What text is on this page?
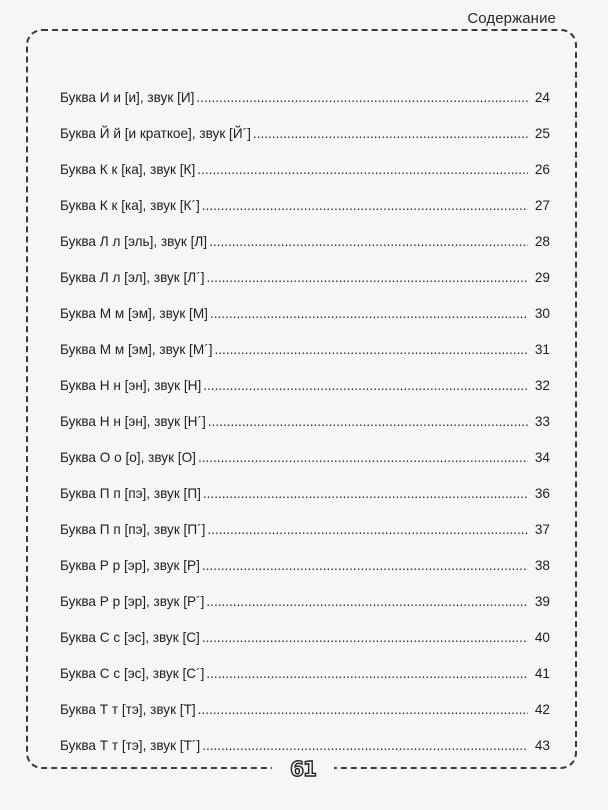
Содержание
Буква И и [и], звук [И] .....	24
Буква Й й [и краткое], звук [Й´] .....	25
Буква К к [ка], звук [К] .....	26
Буква К к [ка], звук [К´] .....	27
Буква Л л [эль], звук [Л] .....	28
Буква Л л [эл], звук [Л´] .....	29
Буква М м [эм], звук [М] .....	30
Буква М м [эм], звук [М´] .....	31
Буква Н н [эн], звук [Н] .....	32
Буква Н н [эн], звук [Н´] .....	33
Буква О о [о], звук [О] .....	34
Буква П п [пэ], звук [П] .....	36
Буква П п [пэ], звук [П´] .....	37
Буква Р р [эр], звук [Р] .....	38
Буква Р р [эр], звук [Р´] .....	39
Буква С с [эс], звук [С] .....	40
Буква С с [эс], звук [С´] .....	41
Буква Т т [тэ], звук [Т] .....	42
Буква Т т [тэ], звук [Т´] .....	43
61
